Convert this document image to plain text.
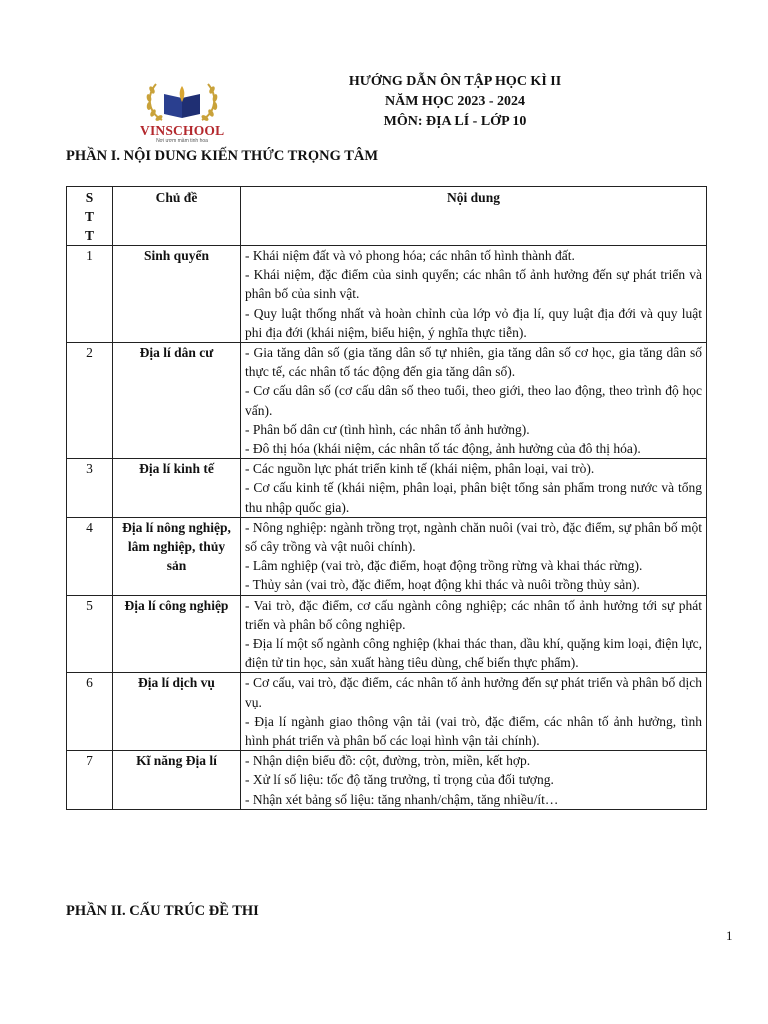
VINSCHOOL
Nơi ươm mầm tinh hoa
HƯỚNG DẪN ÔN TẬP HỌC KÌ II
NĂM HỌC 2023 - 2024
MÔN: ĐỊA LÍ - LỚP 10
PHẦN I. NỘI DUNG KIẾN THỨC TRỌNG TÂM
S
T
T	Chủ đề	Nội dung
1	Sinh quyển	- Khái niệm đất và vỏ phong hóa; các nhân tố hình thành đất.
- Khái niệm, đặc điểm của sinh quyển; các nhân tố ảnh hưởng đến sự phát triển và phân bố của sinh vật.
- Quy luật thống nhất và hoàn chỉnh của lớp vỏ địa lí, quy luật địa đới và quy luật phi địa đới (khái niệm, biểu hiện, ý nghĩa thực tiễn).

2	Địa lí dân cư	- Gia tăng dân số (gia tăng dân số tự nhiên, gia tăng dân số cơ học, gia tăng dân số thực tế, các nhân tố tác động đến gia tăng dân số).
- Cơ cấu dân số (cơ cấu dân số theo tuổi, theo giới, theo lao động, theo trình độ học vấn).
- Phân bố dân cư (tình hình, các nhân tố ảnh hưởng).
- Đô thị hóa (khái niệm, các nhân tố tác động, ảnh hưởng của đô thị hóa).

3	Địa lí kinh tế	- Các nguồn lực phát triển kinh tế (khái niệm, phân loại, vai trò).
- Cơ cấu kinh tế (khái niệm, phân loại, phân biệt tổng sản phẩm trong nước và tổng thu nhập quốc gia).

4	Địa lí nông nghiệp, lâm nghiệp, thủy sản	- Nông nghiệp: ngành trồng trọt, ngành chăn nuôi (vai trò, đặc điểm, sự phân bố một số cây trồng và vật nuôi chính).
- Lâm nghiệp (vai trò, đặc điểm, hoạt động trồng rừng và khai thác rừng).
- Thủy sản (vai trò, đặc điểm, hoạt động khi thác và nuôi trồng thủy sản).

5	Địa lí công nghiệp	- Vai trò, đặc điểm, cơ cấu ngành công nghiệp; các nhân tố ảnh hưởng tới sự phát triển và phân bố công nghiệp.
- Địa lí một số ngành công nghiệp (khai thác than, dầu khí, quặng kim loại, điện lực, điện tử tin học, sản xuất hàng tiêu dùng, chế biến thực phẩm).

6	Địa lí dịch vụ	- Cơ cấu, vai trò, đặc điểm, các nhân tố ảnh hưởng đến sự phát triển và phân bố dịch vụ.
- Địa lí ngành giao thông vận tải (vai trò, đặc điểm, các nhân tố ảnh hưởng, tình hình phát triển và phân bố các loại hình vận tải chính).

7	Kĩ năng Địa lí	- Nhận diện biểu đồ: cột, đường, tròn, miền, kết hợp.
- Xử lí số liệu: tốc độ tăng trưởng, tỉ trọng của đối tượng.
- Nhận xét bảng số liệu: tăng nhanh/chậm, tăng nhiều/ít…
PHẦN II. CẤU TRÚC ĐỀ THI
1
